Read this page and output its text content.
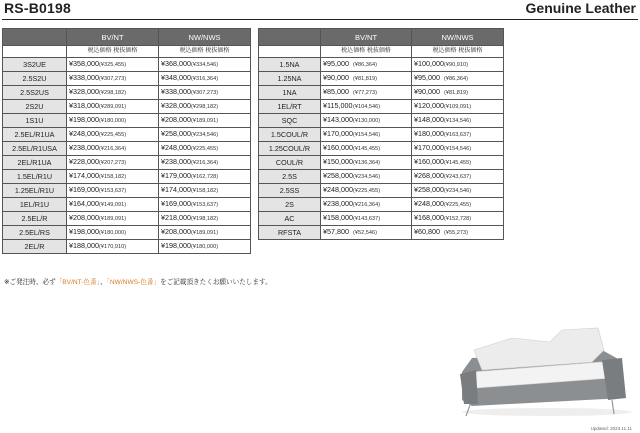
RS-B0198	Genuine Leather
	BV/NT	NW/NWS
	税込価格 税抜価格	税込価格 税抜価格
3S2UE	¥358,000 (¥325,455)	¥368,000 (¥334,546)
2.5S2U	¥338,000 (¥307,273)	¥348,000 (¥316,364)
2.5S2US	¥328,000 (¥298,182)	¥338,000 (¥307,273)
2S2U	¥318,000 (¥289,091)	¥328,000 (¥298,182)
1S1U	¥198,000 (¥180,000)	¥208,000 (¥189,091)
2.5EL/R1UA	¥248,000 (¥225,455)	¥258,000 (¥234,546)
2.5EL/R1USA	¥238,000 (¥216,364)	¥248,000 (¥225,455)
2EL/R1UA	¥228,000 (¥207,273)	¥238,000 (¥216,364)
1.5EL/R1U	¥174,000 (¥158,182)	¥179,000 (¥162,728)
1.25EL/R1U	¥169,000 (¥153,637)	¥174,000 (¥158,182)
1EL/R1U	¥164,000 (¥149,091)	¥169,000 (¥153,637)
2.5EL/R	¥208,000 (¥189,091)	¥218,000 (¥198,182)
2.5EL/RS	¥198,000 (¥180,000)	¥208,000 (¥189,091)
2EL/R	¥188,000 (¥170,910)	¥198,000 (¥180,000)
	BV/NT	NW/NWS
	税込価格 税抜価格	税込価格 税抜価格
1.5NA	¥95,000 (¥86,364)	¥100,000 (¥90,910)
1.25NA	¥90,000 (¥81,819)	¥95,000 (¥86,364)
1NA	¥85,000 (¥77,273)	¥90,000 (¥81,819)
1EL/RT	¥115,000 (¥104,546)	¥120,000 (¥109,091)
SQC	¥143,000 (¥130,000)	¥148,000 (¥134,546)
1.5COUL/R	¥170,000 (¥154,546)	¥180,000 (¥163,637)
1.25COUL/R	¥160,000 (¥145,455)	¥170,000 (¥154,546)
COUL/R	¥150,000 (¥136,364)	¥160,000 (¥145,455)
2.5S	¥258,000 (¥234,546)	¥268,000 (¥243,637)
2.5SS	¥248,000 (¥225,455)	¥258,000 (¥234,546)
2S	¥238,000 (¥216,364)	¥248,000 (¥225,455)
AC	¥158,000 (¥143,637)	¥168,000 (¥152,728)
RFSTA	¥57,800 (¥52,546)	¥60,800 (¥55,273)
※ご発注時、必ず「BV/NT-色番」、「NW/NWS-色番」をご記載頂きたくお願いいたします。
Updated: 2023.11.11
